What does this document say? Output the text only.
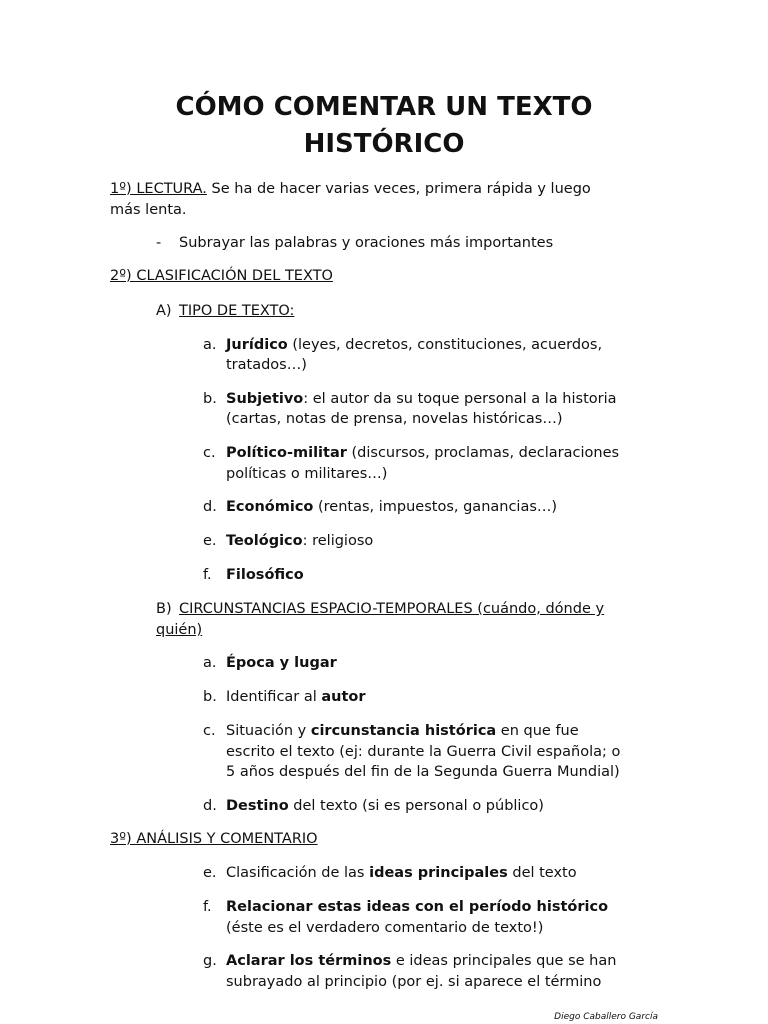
CÓMO COMENTAR UN TEXTO
HISTÓRICO
1º) LECTURA. Se ha de hacer varias veces, primera rápida y luego
más lenta.
- Subrayar las palabras y oraciones más importantes
2º) CLASIFICACIÓN DEL TEXTO
A) TIPO DE TEXTO:
a. Jurídico (leyes, decretos, constituciones, acuerdos,
tratados…)
b. Subjetivo: el autor da su toque personal a la historia
(cartas, notas de prensa, novelas históricas…)
c. Político-militar (discursos, proclamas, declaraciones
políticas o militares…)
d. Económico (rentas, impuestos, ganancias…)
e. Teológico: religioso
f. Filosófico
B) CIRCUNSTANCIAS ESPACIO-TEMPORALES (cuándo, dónde y
quién)
a. Época y lugar
b. Identificar al autor
c. Situación y circunstancia histórica en que fue
escrito el texto (ej: durante la Guerra Civil española; o
5 años después del fin de la Segunda Guerra Mundial)
d. Destino del texto (si es personal o público)
3º) ANÁLISIS Y COMENTARIO
e. Clasificación de las ideas principales del texto
f. Relacionar estas ideas con el período histórico
(éste es el verdadero comentario de texto!)
g. Aclarar los términos e ideas principales que se han
subrayado al principio (por ej. si aparece el término
Diego Caballero García
